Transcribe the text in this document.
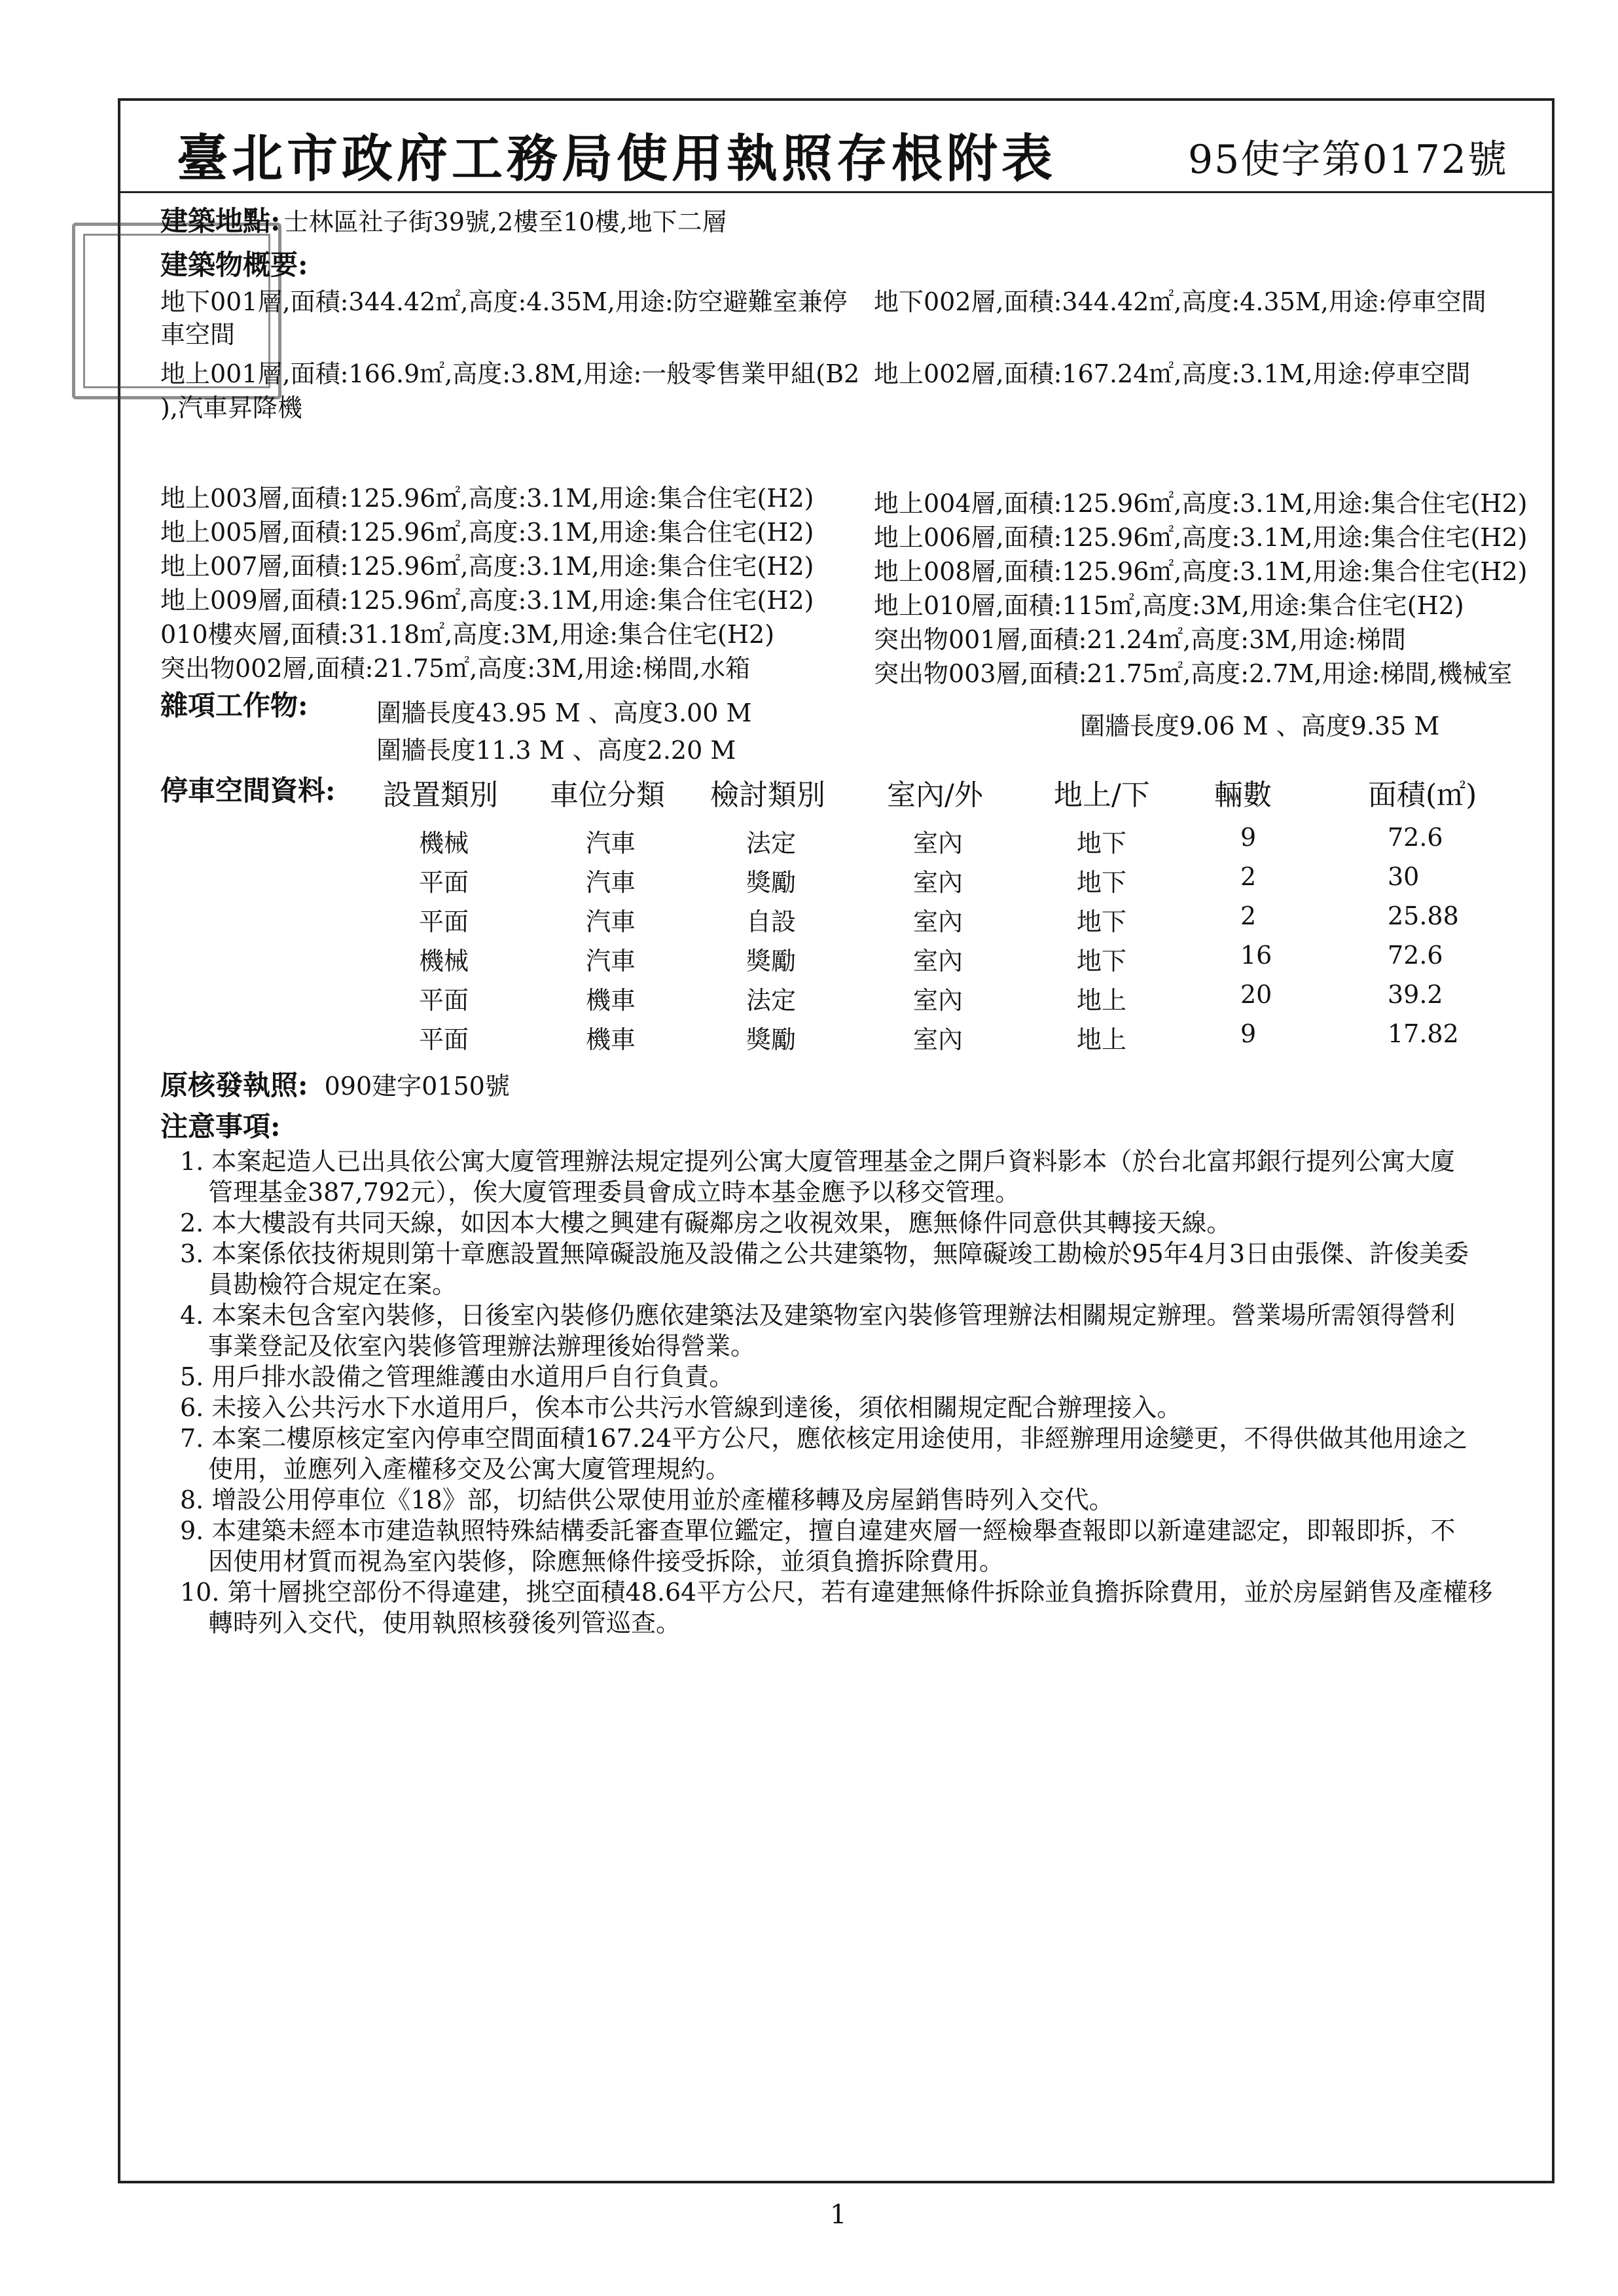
臺北市政府工務局使用執照存根附表	95使字第0172號
建築地點: 士林區社子街39號,2樓至10樓,地下二層
建築物概要:
地下001層,面積:344.42㎡,高度:4.35M,用途:防空避難室兼停 地下002層,面積:344.42㎡,高度:4.35M,用途:停車空間
車空間
地上001層,面積:166.9㎡,高度:3.8M,用途:一般零售業甲組(B2 地上002層,面積:167.24㎡,高度:3.1M,用途:停車空間
),汽車昇降機
地上003層,面積:125.96㎡,高度:3.1M,用途:集合住宅(H2) 地上004層,面積:125.96㎡,高度:3.1M,用途:集合住宅(H2)
地上005層,面積:125.96㎡,高度:3.1M,用途:集合住宅(H2) 地上006層,面積:125.96㎡,高度:3.1M,用途:集合住宅(H2)
地上007層,面積:125.96㎡,高度:3.1M,用途:集合住宅(H2) 地上008層,面積:125.96㎡,高度:3.1M,用途:集合住宅(H2)
地上009層,面積:125.96㎡,高度:3.1M,用途:集合住宅(H2) 地上010層,面積:115㎡,高度:3M,用途:集合住宅(H2)
010樓夾層,面積:31.18㎡,高度:3M,用途:集合住宅(H2)	突出物001層,面積:21.24㎡,高度:3M,用途:梯間
突出物002層,面積:21.75㎡,高度:3M,用途:梯間,水箱	突出物003層,面積:21.75㎡,高度:2.7M,用途:梯間,機械室
雜項工作物:	圍牆長度43.95 M 、高度3.00 M
圍牆長度11.3 M 、高度2.20 M
圍牆長度9.06 M 、高度9.35 M
停車空間資料: 設置類別 車位分類 檢討類別 室內/外 地上/下 輛數	面積(㎡)
機械	汽車	法定	室內	地下	9	72.6
平面	汽車	獎勵	室內	地下	2	30
平面	汽車	自設	室內	地下	2	25.88
機械	汽車	獎勵	室內	地下	16	72.6
平面	機車	法定	室內	地上	20	39.2
平面	機車	獎勵	室內	地上	9	17.82
原核發執照: 090建字0150號
注意事項:
1. 本案起造人已出具依公寓大廈管理辦法規定提列公寓大廈管理基金之開戶資料影本（於台北富邦銀行提列公寓大廈
管理基金387,792元），俟大廈管理委員會成立時本基金應予以移交管理。
2. 本大樓設有共同天線，如因本大樓之興建有礙鄰房之收視效果，應無條件同意供其轉接天線。
3. 本案係依技術規則第十章應設置無障礙設施及設備之公共建築物，無障礙竣工勘檢於95年4月3日由張傑、許俊美委
員勘檢符合規定在案。
4. 本案未包含室內裝修，日後室內裝修仍應依建築法及建築物室內裝修管理辦法相關規定辦理。營業場所需領得營利
事業登記及依室內裝修管理辦法辦理後始得營業。
5. 用戶排水設備之管理維護由水道用戶自行負責。
6. 未接入公共污水下水道用戶，俟本市公共污水管線到達後，須依相關規定配合辦理接入。
7. 本案二樓原核定室內停車空間面積167.24平方公尺，應依核定用途使用，非經辦理用途變更，不得供做其他用途之
使用，並應列入產權移交及公寓大廈管理規約。
8. 增設公用停車位《18》部，切結供公眾使用並於產權移轉及房屋銷售時列入交代。
9. 本建築未經本市建造執照特殊結構委託審查單位鑑定，擅自違建夾層一經檢舉查報即以新違建認定，即報即拆，不
因使用材質而視為室內裝修，除應無條件接受拆除，並須負擔拆除費用。
10. 第十層挑空部份不得違建，挑空面積48.64平方公尺，若有違建無條件拆除並負擔拆除費用，並於房屋銷售及產權移
轉時列入交代，使用執照核發後列管巡查。
1
